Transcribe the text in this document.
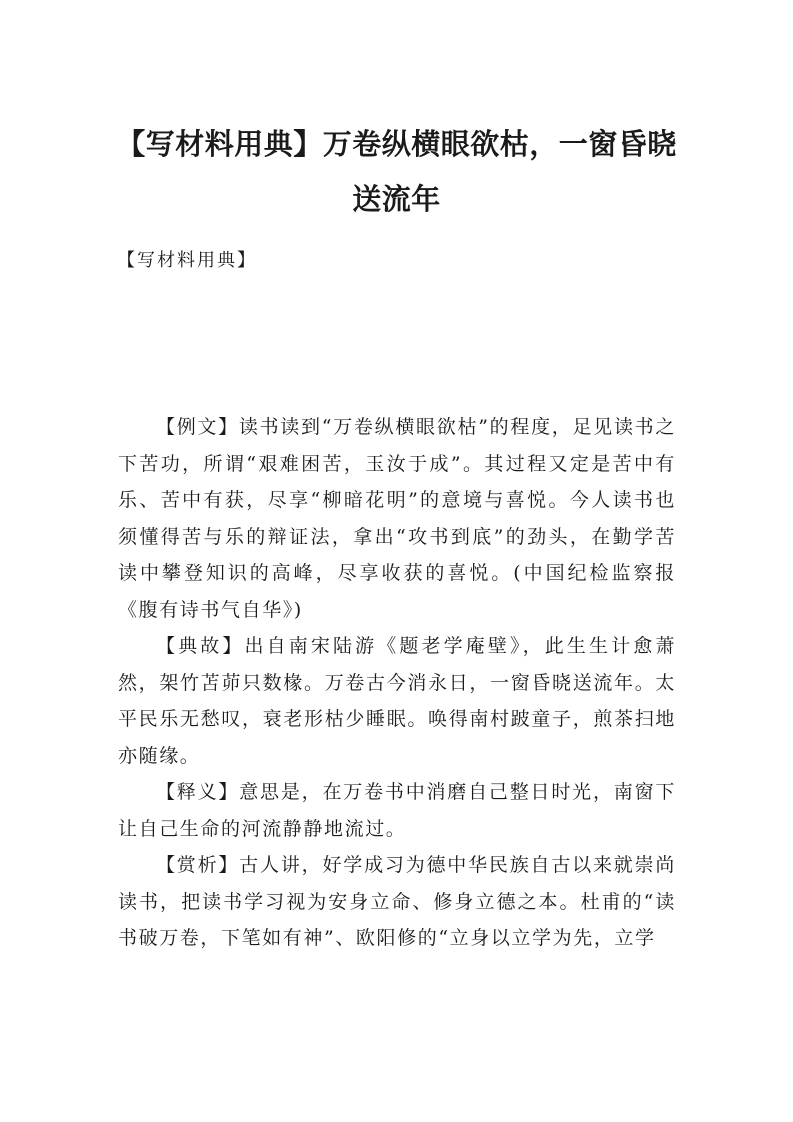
【写材料用典】万卷纵横眼欲枯，一窗昏晓送流年

【写材料用典】

【例文】读书读到“万卷纵横眼欲枯”的程度，足见读书之下苦功，所谓“艰难困苦，玉汝于成”。其过程又定是苦中有乐、苦中有获，尽享“柳暗花明”的意境与喜悦。今人读书也须懂得苦与乐的辩证法，拿出“攻书到底”的劲头，在勤学苦读中攀登知识的高峰，尽享收获的喜悦。(中国纪检监察报《腹有诗书气自华》)

【典故】出自南宋陆游《题老学庵壁》，此生生计愈萧然，架竹苫茆只数椽。万卷古今消永日，一窗昏晓送流年。太平民乐无愁叹，衰老形枯少睡眠。唤得南村跛童子，煎茶扫地亦随缘。

【释义】意思是，在万卷书中消磨自己整日时光，南窗下让自己生命的河流静静地流过。

【赏析】古人讲，好学成习为德中华民族自古以来就崇尚读书，把读书学习视为安身立命、修身立德之本。杜甫的“读书破万卷，下笔如有神”、欧阳修的“立身以立学为先，立学
